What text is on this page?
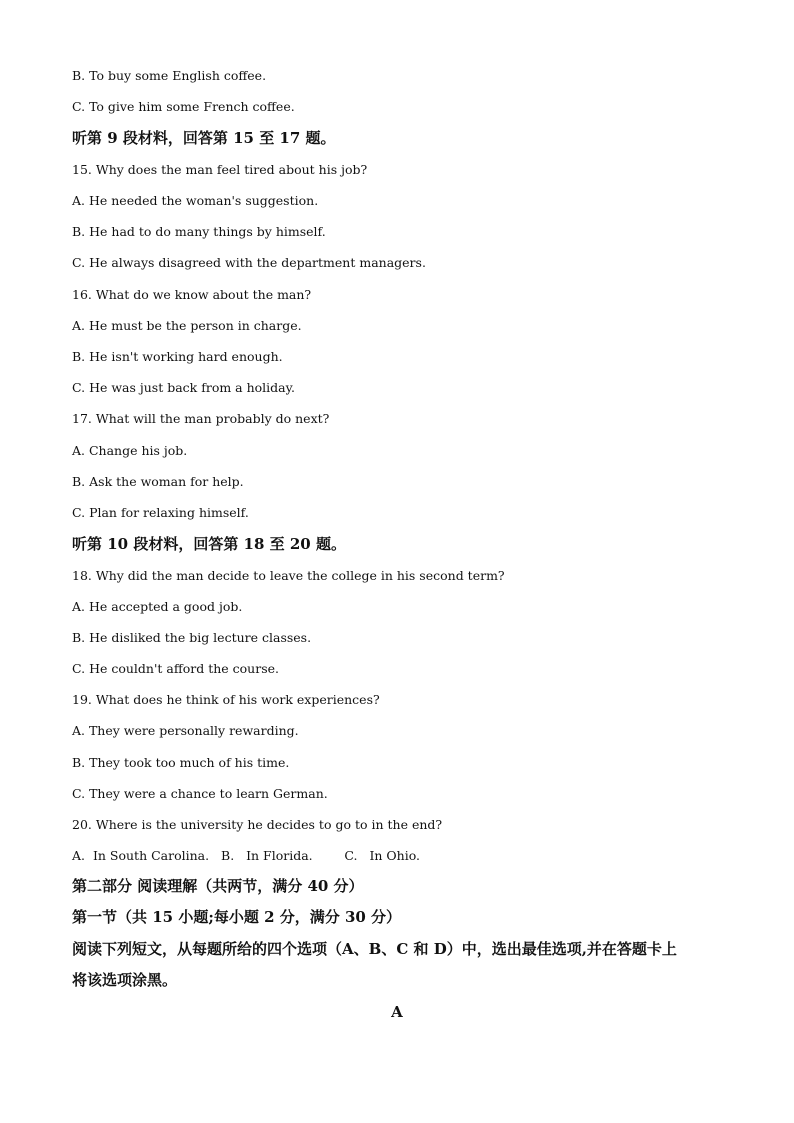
B. To buy some English coffee.
C. To give him some French coffee.
听第 9 段材料，回答第 15 至 17 题。
15. Why does the man feel tired about his job?
A. He needed the woman's suggestion.
B. He had to do many things by himself.
C. He always disagreed with the department managers.
16. What do we know about the man?
A. He must be the person in charge.
B. He isn't working hard enough.
C. He was just back from a holiday.
17. What will the man probably do next?
A. Change his job.
B. Ask the woman for help.
C. Plan for relaxing himself.
听第 10 段材料，回答第 18 至 20 题。
18. Why did the man decide to leave the college in his second term?
A. He accepted a good job.
B. He disliked the big lecture classes.
C. He couldn't afford the course.
19. What does he think of his work experiences?
A. They were personally rewarding.
B. They took too much of his time.
C. They were a chance to learn German.
20. Where is the university he decides to go to in the end?
A.  In South Carolina.   B.   In Florida.        C.   In Ohio.
第二部分 阅读理解（共两节，满分 40 分）
第一节（共 15 小题;每小题 2 分，满分 30 分）
阅读下列短文，从每题所给的四个选项（A、B、C 和 D）中，选出最佳选项,并在答题卡上
将该选项涂黑。
A
